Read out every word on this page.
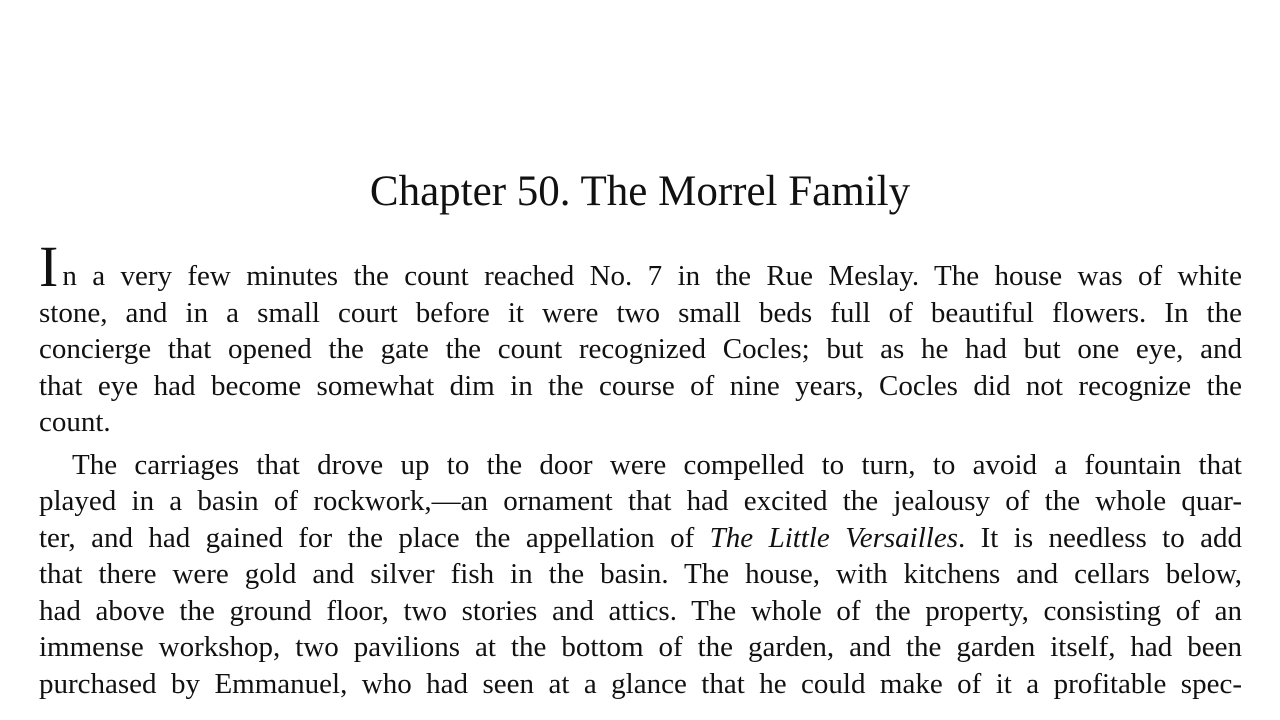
Chapter 50. The Morrel Family
In a very few minutes the count reached No. 7 in the Rue Meslay. The house was of white
stone, and in a small court before it were two small beds full of beautiful flowers. In the
concierge that opened the gate the count recognized Cocles; but as he had but one eye, and
that eye had become somewhat dim in the course of nine years, Cocles did not recognize the
count.
The carriages that drove up to the door were compelled to turn, to avoid a fountain that
played in a basin of rockwork,—an ornament that had excited the jealousy of the whole quar-
ter, and had gained for the place the appellation of The Little Versailles. It is needless to add
that there were gold and silver fish in the basin. The house, with kitchens and cellars below,
had above the ground floor, two stories and attics. The whole of the property, consisting of an
immense workshop, two pavilions at the bottom of the garden, and the garden itself, had been
purchased by Emmanuel, who had seen at a glance that he could make of it a profitable spec-
